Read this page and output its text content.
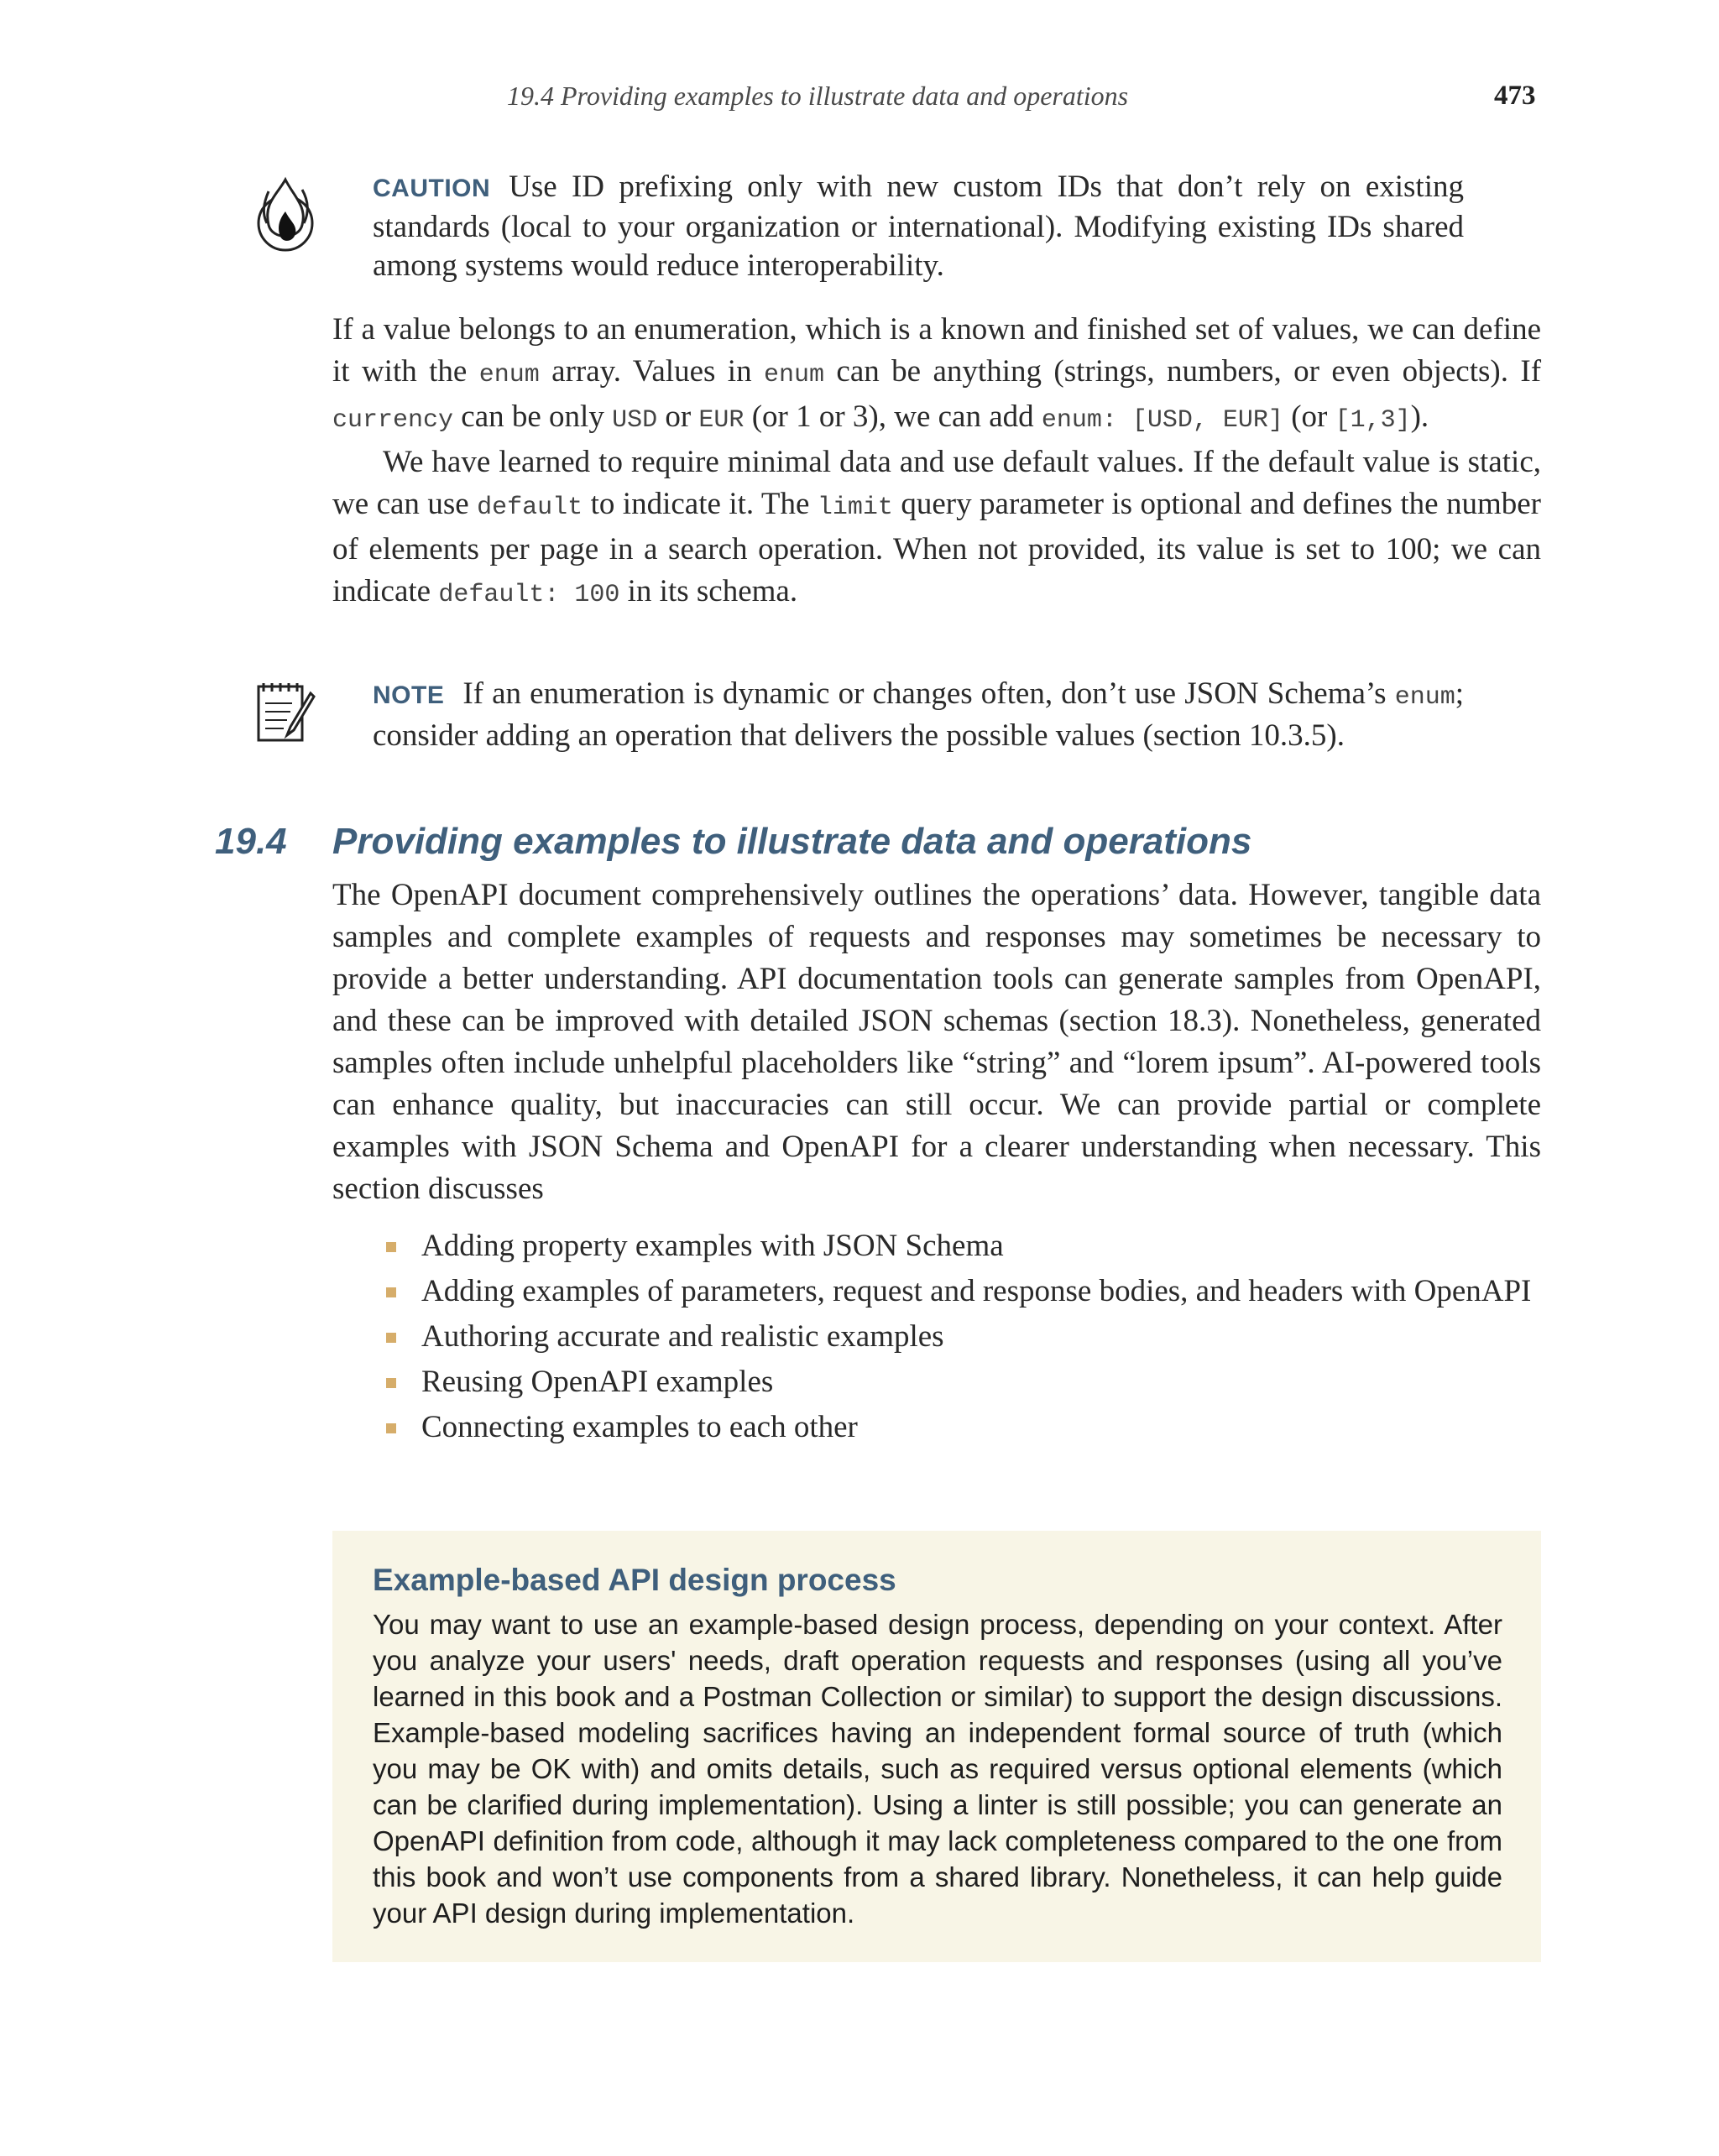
19.4 Providing examples to illustrate data and operations	473
CAUTION Use ID prefixing only with new custom IDs that don’t rely on existing standards (local to your organization or international). Modifying existing IDs shared among systems would reduce interoperability.

If a value belongs to an enumeration, which is a known and finished set of values, we can define it with the enum array. Values in enum can be anything (strings, numbers, or even objects). If currency can be only USD or EUR (or 1 or 3), we can add enum: [USD, EUR] (or [1,3]).

We have learned to require minimal data and use default values. If the default value is static, we can use default to indicate it. The limit query parameter is optional and defines the number of elements per page in a search operation. When not provided, its value is set to 100; we can indicate default: 100 in its schema.

NOTE If an enumeration is dynamic or changes often, don’t use JSON Schema’s enum; consider adding an operation that delivers the possible values (section 10.3.5).
19.4 Providing examples to illustrate data and operations

The OpenAPI document comprehensively outlines the operations’ data. However, tangible data samples and complete examples of requests and responses may sometimes be necessary to provide a better understanding. API documentation tools can generate samples from OpenAPI, and these can be improved with detailed JSON schemas (section 18.3). Nonetheless, generated samples often include unhelpful placeholders like “string” and “lorem ipsum”. AI-powered tools can enhance quality, but inaccuracies can still occur. We can provide partial or complete examples with JSON Schema and OpenAPI for a clearer understanding when necessary. This section discusses

Adding property examples with JSON Schema
Adding examples of parameters, request and response bodies, and headers with OpenAPI
Authoring accurate and realistic examples
Reusing OpenAPI examples
Connecting examples to each other
Example-based API design process
You may want to use an example-based design process, depending on your context. After you analyze your users' needs, draft operation requests and responses (using all you’ve learned in this book and a Postman Collection or similar) to support the design discussions. Example-based modeling sacrifices having an independent formal source of truth (which you may be OK with) and omits details, such as required versus optional elements (which can be clarified during implementation). Using a linter is still possible; you can generate an OpenAPI definition from code, although it may lack completeness compared to the one from this book and won’t use components from a shared library. Nonetheless, it can help guide your API design during implementation.
